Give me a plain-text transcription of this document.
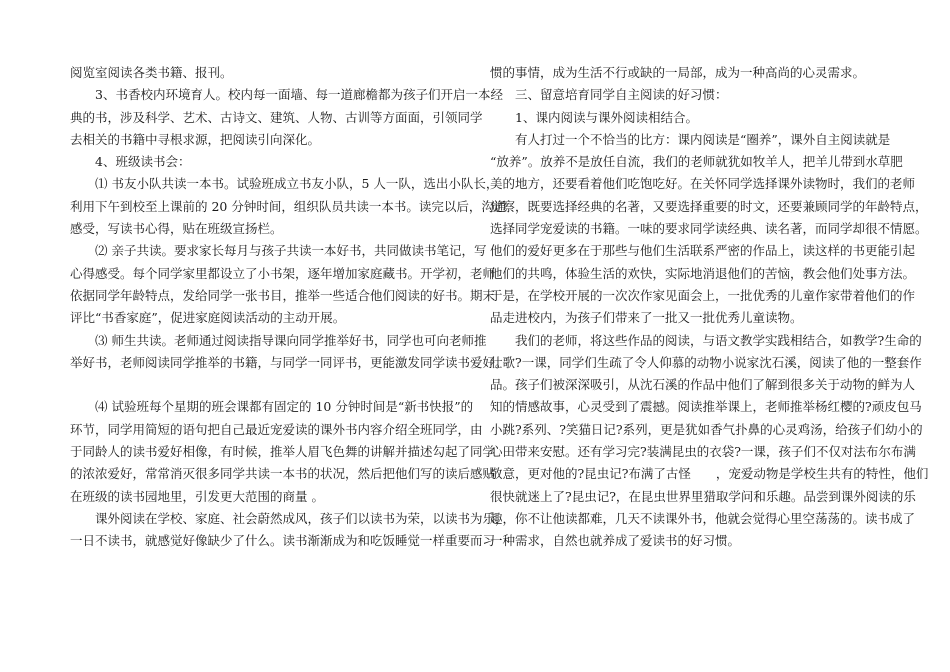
阅览室阅读各类书籍、报刊。
　　3、书香校内环境育人。校内每一面墙、每一道廊檐都为孩子们开启一本经
典的书，涉及科学、艺术、古诗文、建筑、人物、古训等方面面，引领同学
去相关的书籍中寻根求源，把阅读引向深化。
　　4、班级读书会：
　　⑴ 书友小队共读一本书。试验班成立书友小队，5 人一队，选出小队长，
利用下午到校至上课前的 20 分钟时间，组织队员共读一本书。读完以后，沟通
感受，写读书心得，贴在班级宣扬栏。
　　⑵ 亲子共读。要求家长每月与孩子共读一本好书，共同做读书笔记，写
心得感受。每个同学家里都设立了小书架，逐年增加家庭藏书。开学初，老师
依据同学年龄特点，发给同学一张书目，推举一些适合他们阅读的好书。期末
评比“书香家庭”，促进家庭阅读活动的主动开展。
　　⑶ 师生共读。老师通过阅读指导课向同学推举好书，同学也可向老师推
举好书，老师阅读同学推举的书籍，与同学一同评书，更能激发同学读书爱好。
　　⑷ 试验班每个星期的班会课都有固定的 10 分钟时间是“新书快报”的
环节，同学用简短的语句把自己最近宠爱读的课外书内容介绍全班同学，由
于同龄人的读书爱好相像，有时候，推举人眉飞色舞的讲解并描述勾起了同学
的浓浓爱好，常常消灭很多同学共读一本书的状况，然后把他们写的读后感贴
在班级的读书园地里，引发更大范围的商量 。
　　课外阅读在学校、家庭、社会蔚然成风，孩子们以读书为荣，以读书为乐，
一日不读书，就感觉好像缺少了什么。读书渐渐成为和吃饭睡觉一样重要而习
惯的事情，成为生活不行或缺的一局部，成为一种高尚的心灵需求。
　　三、留意培育同学自主阅读的好习惯：
　　1、课内阅读与课外阅读相结合。
　　有人打过一个不恰当的比方：课内阅读是“圈养”，课外自主阅读就是
“放养”。放养不是放任自流，我们的老师就犹如牧羊人，把羊儿带到水草肥
美的地方，还要看着他们吃饱吃好。在关怀同学选择课外读物时，我们的老师
觉察，既要选择经典的名著，又要选择重要的时文，还要兼顾同学的年龄特点，
选择同学宠爱读的书籍。一味的要求同学读经典、读名著，而同学却很不情愿。
他们的爱好更多在于那些与他们生活联系严密的作品上，读这样的书更能引起
他们的共鸣，体验生活的欢快，实际地消退他们的苦恼，教会他们处事方法。
于是，在学校开展的一次次作家见面会上，一批优秀的儿童作家带着他们的作
品走进校内，为孩子们带来了一批又一批优秀儿童读物。
　　我们的老师，将这些作品的阅读，与语文教学实践相结合，如教学?生命的
壮歌?一课，同学们生疏了令人仰慕的动物小说家沈石溪，阅读了他的一整套作
品。孩子们被深深吸引，从沈石溪的作品中他们了解到很多关于动物的鲜为人
知的情感故事，心灵受到了震撼。阅读推举课上，老师推举杨红樱的?顽皮包马
小跳?系列、?笑猫日记?系列，更是犹如香气扑鼻的心灵鸡汤，给孩子们幼小的
心田带来安慰。还有学习完?装满昆虫的衣袋?一课，孩子们不仅对法布尔布满
敬意，更对他的?昆虫记?布满了古怪　　，宠爱动物是学校生共有的特性，他们
很快就迷上了?昆虫记?，在昆虫世界里猎取学问和乐趣。品尝到课外阅读的乐
趣，你不让他读都难，几天不读课外书，他就会觉得心里空荡荡的。读书成了
一种需求，自然也就养成了爱读书的好习惯。
